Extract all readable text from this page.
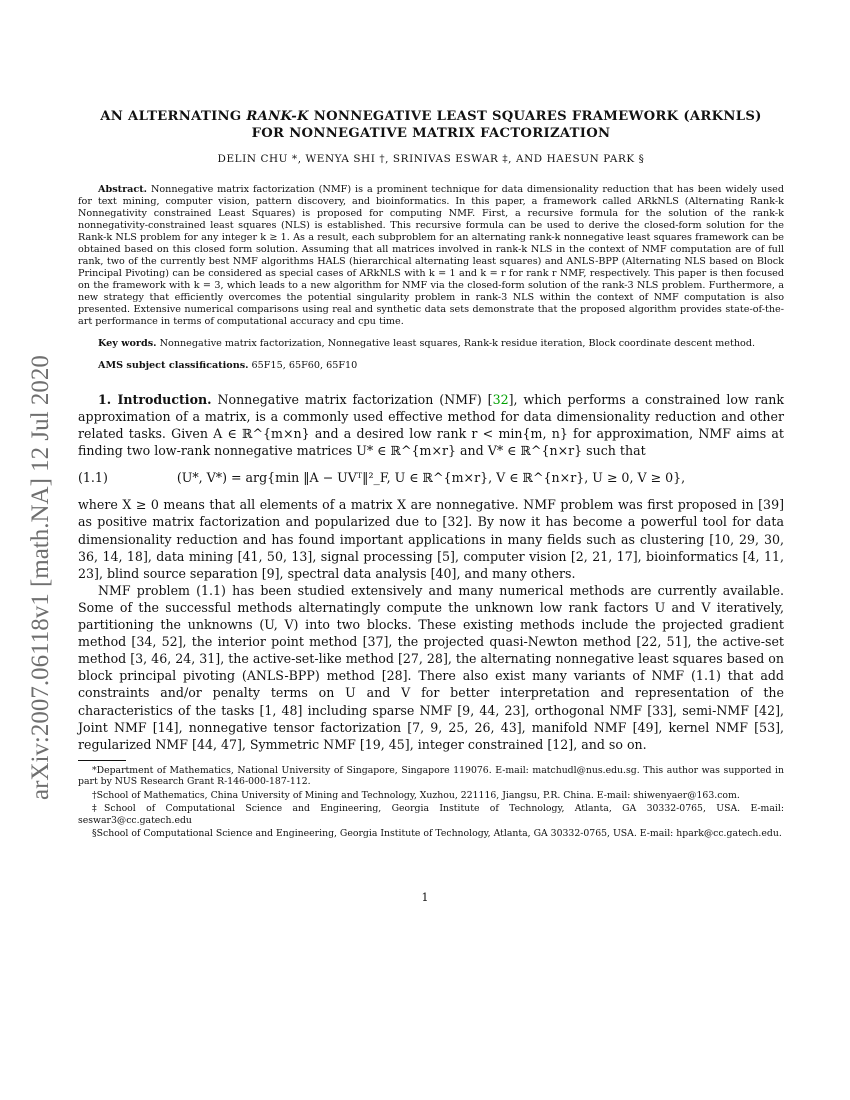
arXiv:2007.06118v1 [math.NA] 12 Jul 2020
AN ALTERNATING RANK-K NONNEGATIVE LEAST SQUARES FRAMEWORK (ARKNLS)
FOR NONNEGATIVE MATRIX FACTORIZATION
DELIN CHU *, WENYA SHI †, SRINIVAS ESWAR ‡, AND HAESUN PARK §

Abstract. Nonnegative matrix factorization (NMF) is a prominent technique for data dimensionality reduction that has been widely used for text mining, computer vision, pattern discovery, and bioinformatics. In this paper, a framework called ARkNLS (Alternating Rank-k Nonnegativity constrained Least Squares) is proposed for computing NMF. First, a recursive formula for the solution of the rank-k nonnegativity-constrained least squares (NLS) is established. This recursive formula can be used to derive the closed-form solution for the Rank-k NLS problem for any integer k ≥ 1. As a result, each subproblem for an alternating rank-k nonnegative least squares framework can be obtained based on this closed form solution. Assuming that all matrices involved in rank-k NLS in the context of NMF computation are of full rank, two of the currently best NMF algorithms HALS (hierarchical alternating least squares) and ANLS-BPP (Alternating NLS based on Block Principal Pivoting) can be considered as special cases of ARkNLS with k = 1 and k = r for rank r NMF, respectively. This paper is then focused on the framework with k = 3, which leads to a new algorithm for NMF via the closed-form solution of the rank-3 NLS problem. Furthermore, a new strategy that efficiently overcomes the potential singularity problem in rank-3 NLS within the context of NMF computation is also presented. Extensive numerical comparisons using real and synthetic data sets demonstrate that the proposed algorithm provides state-of-the-art performance in terms of computational accuracy and cpu time.

Key words. Nonnegative matrix factorization, Nonnegative least squares, Rank-k residue iteration, Block coordinate descent method.

AMS subject classifications. 65F15, 65F60, 65F10

1. Introduction. Nonnegative matrix factorization (NMF) [32], which performs a constrained low rank approximation of a matrix, is a commonly used effective method for data dimensionality reduction and other related tasks. Given A ∈ ℝ^{m×n} and a desired low rank r < min{m, n} for approximation, NMF aims at finding two low-rank nonnegative matrices U* ∈ ℝ^{m×r} and V* ∈ ℝ^{n×r} such that

(1.1)	(U*, V*) = arg{min ‖A − UVᵀ‖²_F, U ∈ ℝ^{m×r}, V ∈ ℝ^{n×r}, U ≥ 0, V ≥ 0},

where X ≥ 0 means that all elements of a matrix X are nonnegative. NMF problem was first proposed in [39] as positive matrix factorization and popularized due to [32]. By now it has become a powerful tool for data dimensionality reduction and has found important applications in many fields such as clustering [10, 29, 30, 36, 14, 18], data mining [41, 50, 13], signal processing [5], computer vision [2, 21, 17], bioinformatics [4, 11, 23], blind source separation [9], spectral data analysis [40], and many others.

NMF problem (1.1) has been studied extensively and many numerical methods are currently available. Some of the successful methods alternatingly compute the unknown low rank factors U and V iteratively, partitioning the unknowns (U, V) into two blocks. These existing methods include the projected gradient method [34, 52], the interior point method [37], the projected quasi-Newton method [22, 51], the active-set method [3, 46, 24, 31], the active-set-like method [27, 28], the alternating nonnegative least squares based on block principal pivoting (ANLS-BPP) method [28]. There also exist many variants of NMF (1.1) that add constraints and/or penalty terms on U and V for better interpretation and representation of the characteristics of the tasks [1, 48] including sparse NMF [9, 44, 23], orthogonal NMF [33], semi-NMF [42], Joint NMF [14], nonnegative tensor factorization [7, 9, 25, 26, 43], manifold NMF [49], kernel NMF [53], regularized NMF [44, 47], Symmetric NMF [19, 45], integer constrained [12], and so on.

*Department of Mathematics, National University of Singapore, Singapore 119076. E-mail: matchudl@nus.edu.sg. This author was supported in part by NUS Research Grant R-146-000-187-112.

†School of Mathematics, China University of Mining and Technology, Xuzhou, 221116, Jiangsu, P.R. China. E-mail: shiwenyaer@163.com.

‡School of Computational Science and Engineering, Georgia Institute of Technology, Atlanta, GA 30332-0765, USA. E-mail: seswar3@cc.gatech.edu

§School of Computational Science and Engineering, Georgia Institute of Technology, Atlanta, GA 30332-0765, USA. E-mail: hpark@cc.gatech.edu.

1
